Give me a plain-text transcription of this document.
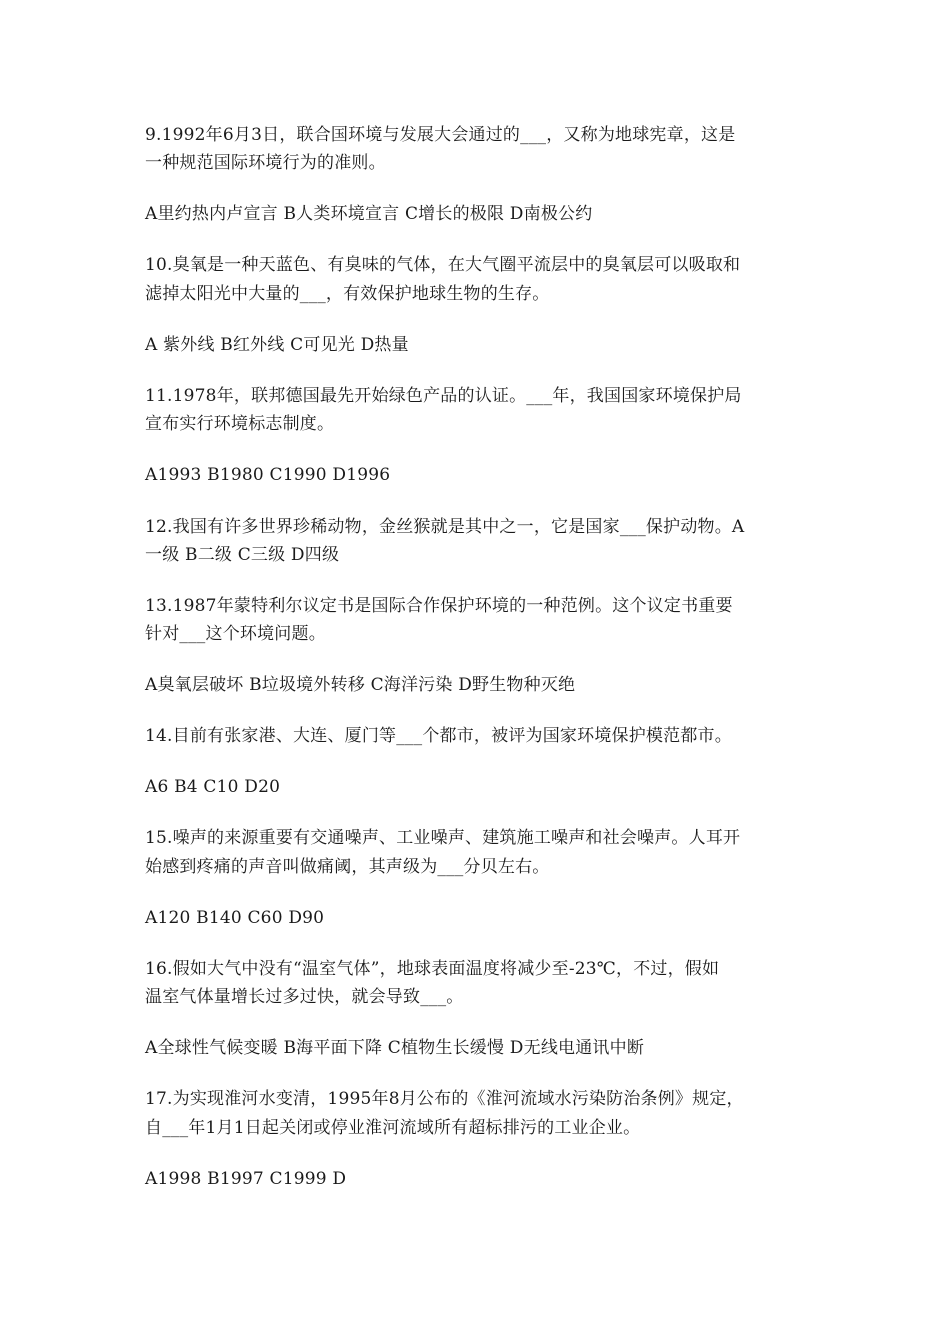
9.1992年6月3日，联合国环境与发展大会通过的___，又称为地球宪章，这是
一种规范国际环境行为的准则。
A里约热内卢宣言 B人类环境宣言 C增长的极限 D南极公约
10.臭氧是一种天蓝色、有臭味的气体，在大气圈平流层中的臭氧层可以吸取和
滤掉太阳光中大量的___，有效保护地球生物的生存。
A 紫外线 B红外线 C可见光 D热量
11.1978年，联邦德国最先开始绿色产品的认证。___年，我国国家环境保护局
宣布实行环境标志制度。
A1993 B1980 C1990 D1996
12.我国有许多世界珍稀动物，金丝猴就是其中之一，它是国家___保护动物。A
一级 B二级 C三级 D四级
13.1987年蒙特利尔议定书是国际合作保护环境的一种范例。这个议定书重要
针对___这个环境问题。
A臭氧层破坏 B垃圾境外转移 C海洋污染 D野生物种灭绝
14.目前有张家港、大连、厦门等___个都市，被评为国家环境保护模范都市。
A6 B4 C10 D20
15.噪声的来源重要有交通噪声、工业噪声、建筑施工噪声和社会噪声。人耳开
始感到疼痛的声音叫做痛阈，其声级为___分贝左右。
A120 B140 C60 D90
16.假如大气中没有“温室气体”，地球表面温度将减少至-23℃，不过，假如
温室气体量增长过多过快，就会导致___。
A全球性气候变暖 B海平面下降 C植物生长缓慢 D无线电通讯中断
17.为实现淮河水变清，1995年8月公布的《淮河流域水污染防治条例》规定，
自___年1月1日起关闭或停业淮河流域所有超标排污的工业企业。
A1998 B1997 C1999 D
